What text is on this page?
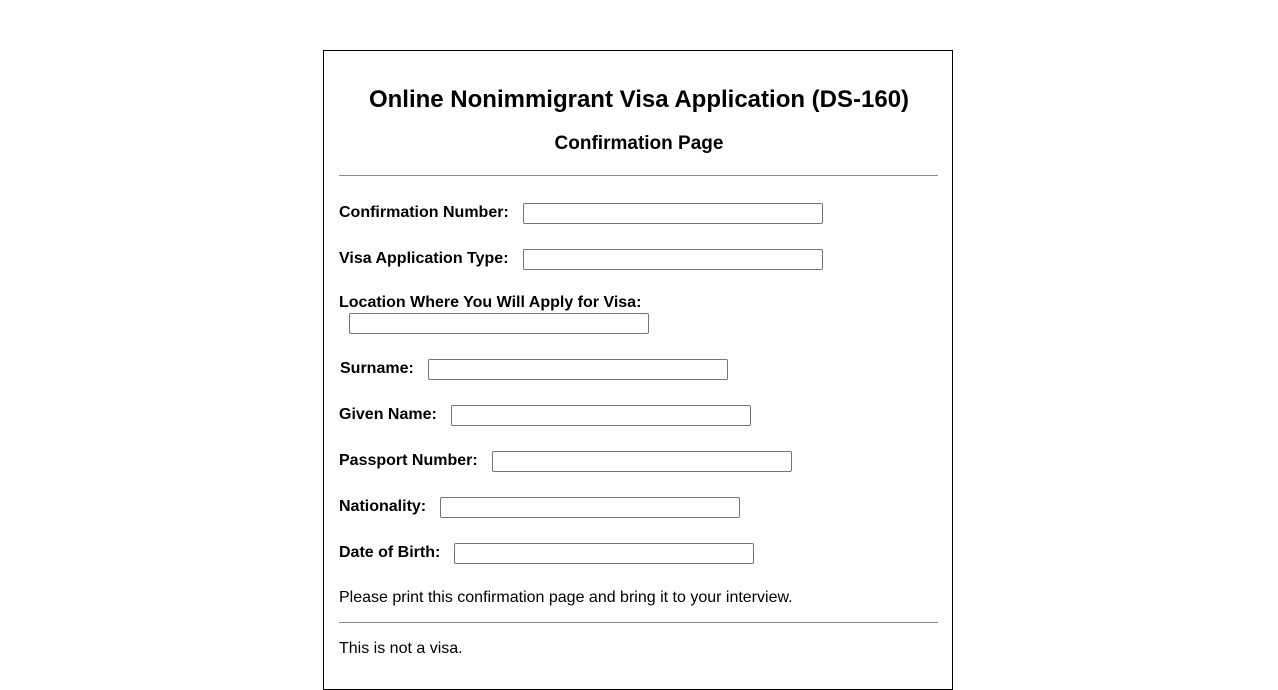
Online Nonimmigrant Visa Application (DS-160)
Confirmation Page
Confirmation Number:
Visa Application Type:
Location Where You Will Apply for Visa:
Surname:
Given Name:
Passport Number:
Nationality:
Date of Birth:
Please print this confirmation page and bring it to your interview.
This is not a visa.
